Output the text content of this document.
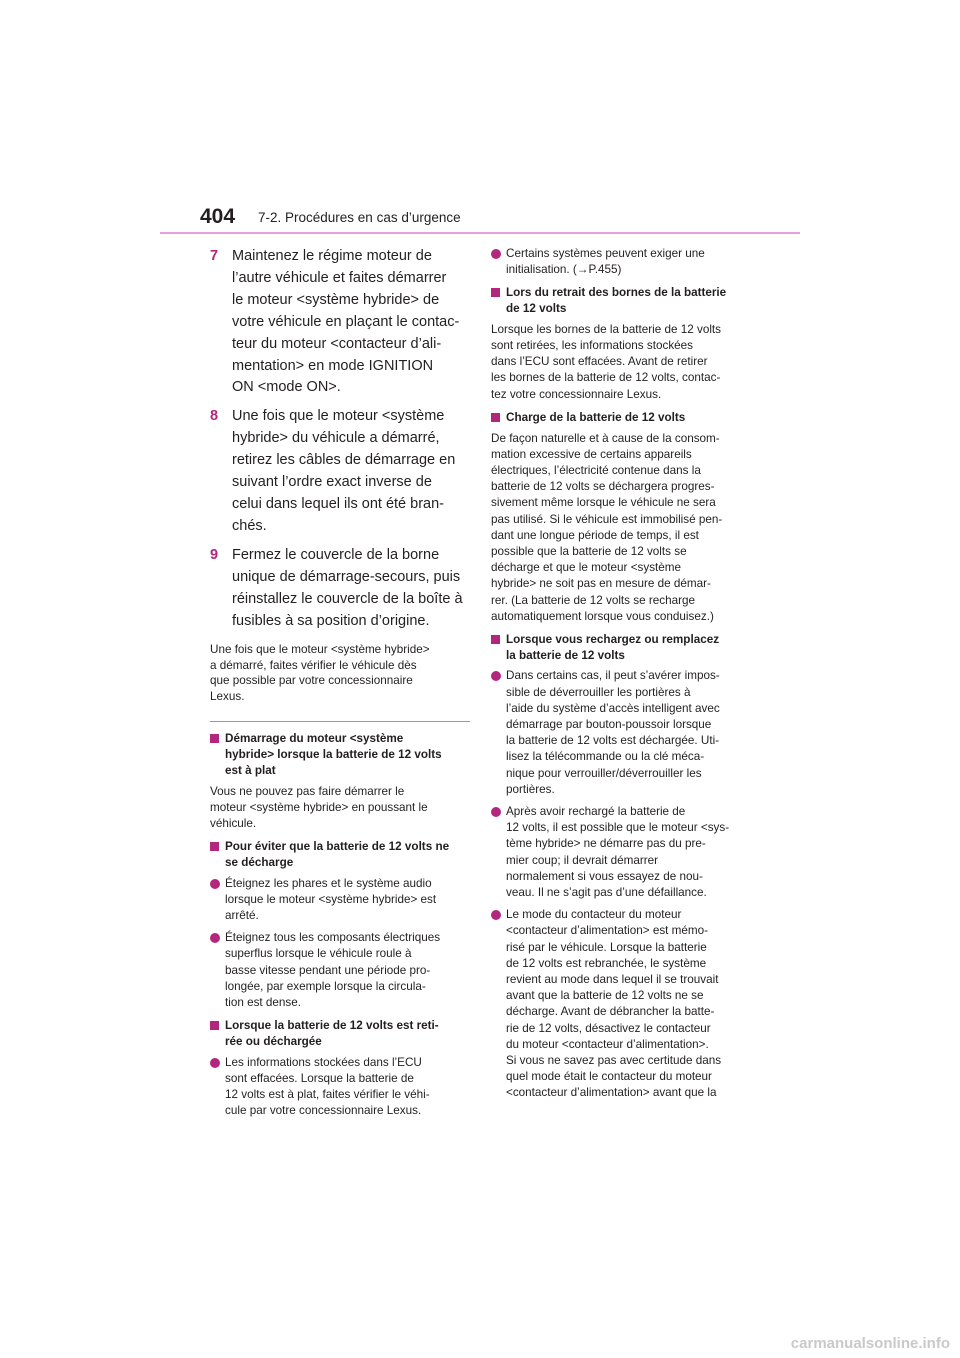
404 7-2. Procédures en cas d’urgence
7 Maintenez le régime moteur de
l’autre véhicule et faites démarrer
le moteur <système hybride> de
votre véhicule en plaçant le contac-
teur du moteur <contacteur d’ali-
mentation> en mode IGNITION
ON <mode ON>.
8 Une fois que le moteur <système
hybride> du véhicule a démarré,
retirez les câbles de démarrage en
suivant l’ordre exact inverse de
celui dans lequel ils ont été bran-
chés.
9 Fermez le couvercle de la borne
unique de démarrage-secours, puis
réinstallez le couvercle de la boîte à
fusibles à sa position d’origine.
Une fois que le moteur <système hybride>
a démarré, faites vérifier le véhicule dès
que possible par votre concessionnaire
Lexus.
Démarrage du moteur <système
hybride> lorsque la batterie de 12 volts
est à plat
Vous ne pouvez pas faire démarrer le
moteur <système hybride> en poussant le
véhicule.
Pour éviter que la batterie de 12 volts ne
se décharge
Éteignez les phares et le système audio
lorsque le moteur <système hybride> est
arrêté.
Éteignez tous les composants électriques
superflus lorsque le véhicule roule à
basse vitesse pendant une période pro-
longée, par exemple lorsque la circula-
tion est dense.
Lorsque la batterie de 12 volts est reti-
rée ou déchargée
Les informations stockées dans l’ECU
sont effacées. Lorsque la batterie de
12 volts est à plat, faites vérifier le véhi-
cule par votre concessionnaire Lexus.
Certains systèmes peuvent exiger une
initialisation. (→P.455)
Lors du retrait des bornes de la batterie
de 12 volts
Lorsque les bornes de la batterie de 12 volts
sont retirées, les informations stockées
dans l’ECU sont effacées. Avant de retirer
les bornes de la batterie de 12 volts, contac-
tez votre concessionnaire Lexus.
Charge de la batterie de 12 volts
De façon naturelle et à cause de la consom-
mation excessive de certains appareils
électriques, l’électricité contenue dans la
batterie de 12 volts se déchargera progres-
sivement même lorsque le véhicule ne sera
pas utilisé. Si le véhicule est immobilisé pen-
dant une longue période de temps, il est
possible que la batterie de 12 volts se
décharge et que le moteur <système
hybride> ne soit pas en mesure de démar-
rer. (La batterie de 12 volts se recharge
automatiquement lorsque vous conduisez.)
Lorsque vous rechargez ou remplacez
la batterie de 12 volts
Dans certains cas, il peut s’avérer impos-
sible de déverrouiller les portières à
l’aide du système d’accès intelligent avec
démarrage par bouton-poussoir lorsque
la batterie de 12 volts est déchargée. Uti-
lisez la télécommande ou la clé méca-
nique pour verrouiller/déverrouiller les
portières.
Après avoir rechargé la batterie de
12 volts, il est possible que le moteur <sys-
tème hybride> ne démarre pas du pre-
mier coup; il devrait démarrer
normalement si vous essayez de nou-
veau. Il ne s’agit pas d’une défaillance.
Le mode du contacteur du moteur
<contacteur d’alimentation> est mémo-
risé par le véhicule. Lorsque la batterie
de 12 volts est rebranchée, le système
revient au mode dans lequel il se trouvait
avant que la batterie de 12 volts ne se
décharge. Avant de débrancher la batte-
rie de 12 volts, désactivez le contacteur
du moteur <contacteur d’alimentation>.
Si vous ne savez pas avec certitude dans
quel mode était le contacteur du moteur
<contacteur d’alimentation> avant que la
carmanualsonline.info
